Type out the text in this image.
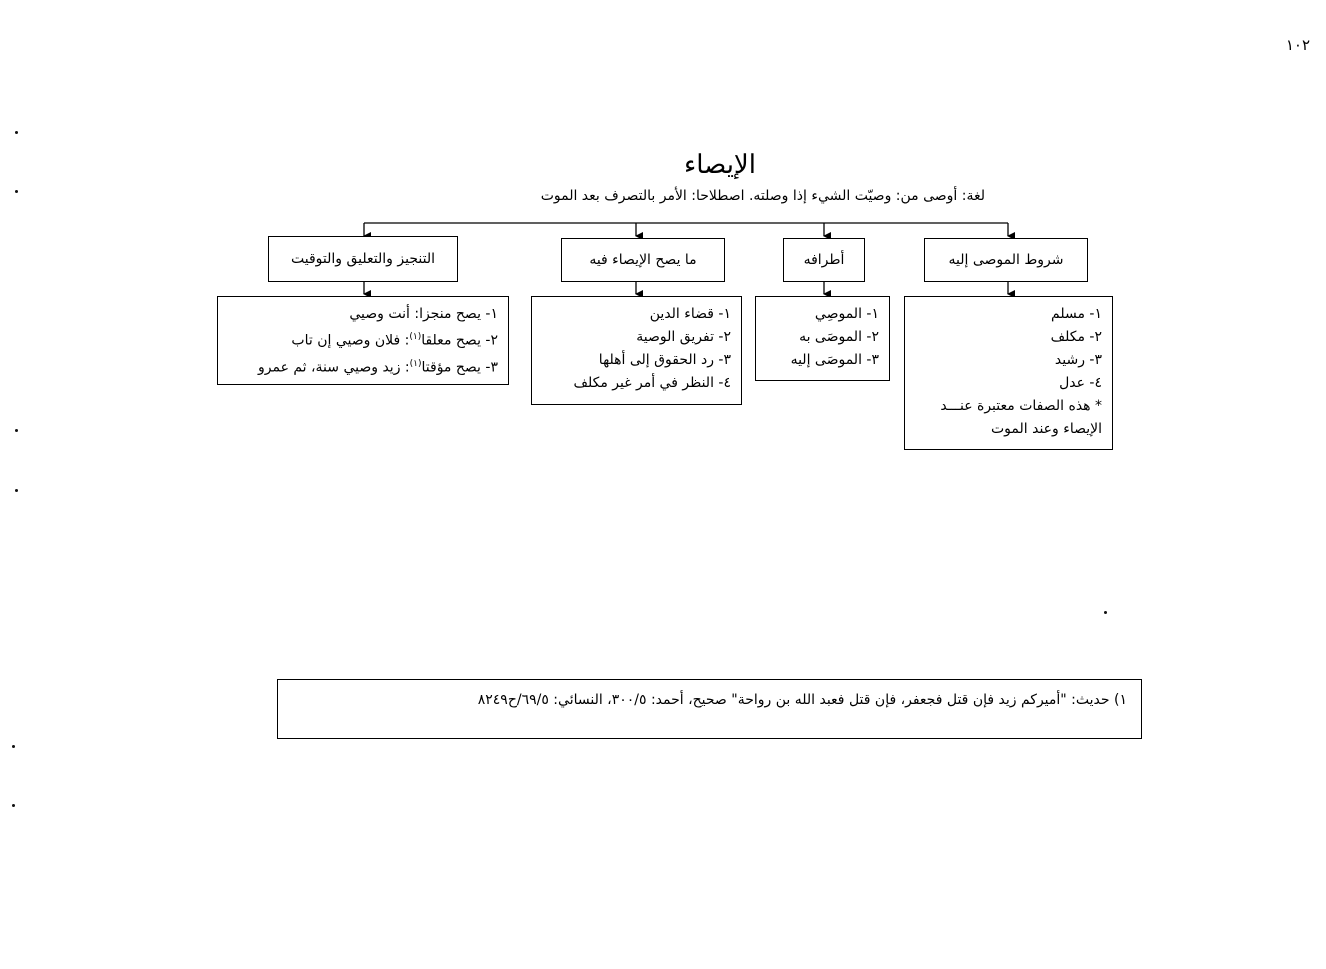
١٠٢
الإيصاء
لغة: أوصى من: وصيّت الشيء إذا وصلته. اصطلاحا: الأمر بالتصرف بعد الموت
شروط الموصى إليه
أطرافه
ما يصح الإيصاء فيه
التنجيز والتعليق والتوقيت
١- مسلم
٢- مكلف
٣- رشيد
٤- عدل
* هذه الصفات معتبرة عنـــد
الإيصاء وعند الموت
١- الموصِي
٢- الموصَى به
٣- الموصَى إليه
١- قضاء الدين
٢- تفريق الوصية
٣- رد الحقوق إلى أهلها
٤- النظر في أمر غير مكلف
١- يصح منجزا: أنت وصيي
٢- يصح معلقا$^{(١)}$: فلان وصيي إن تاب
٣- يصح مؤقتا$^{(١)}$: زيد وصيي سنة، ثم عمرو
١) حديث: "أميركم زيد فإن قتل فجعفر، فإن قتل فعبد الله بن رواحة" صحيح، أحمد: ٣٠٠/٥، النسائي: ٦٩/٥/ح٨٢٤٩
